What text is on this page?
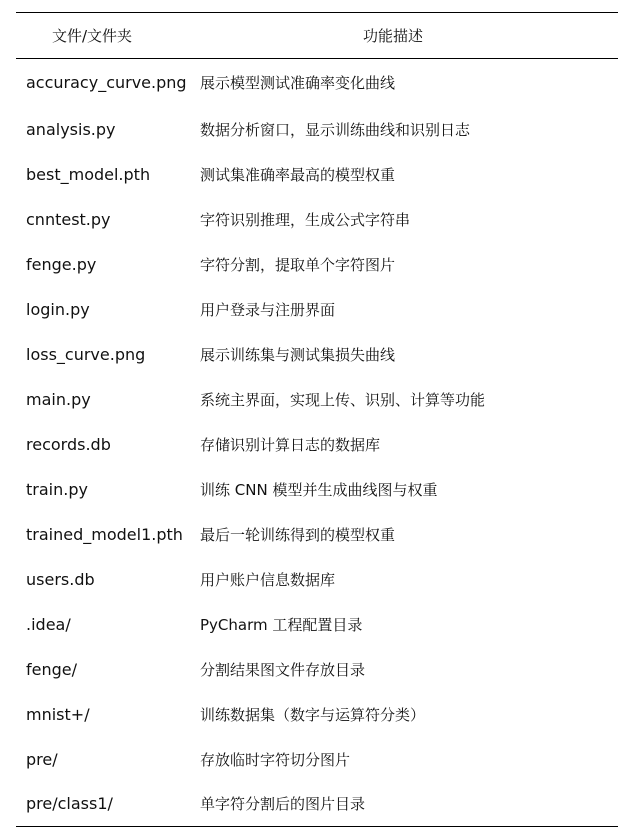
文件/文件夹	功能描述
accuracy_curve.png	展示模型测试准确率变化曲线
analysis.py	数据分析窗口，显示训练曲线和识别日志
best_model.pth	测试集准确率最高的模型权重
cnntest.py	字符识别推理，生成公式字符串
fenge.py	字符分割，提取单个字符图片
login.py	用户登录与注册界面
loss_curve.png	展示训练集与测试集损失曲线
main.py	系统主界面，实现上传、识别、计算等功能
records.db	存储识别计算日志的数据库
train.py	训练 CNN 模型并生成曲线图与权重
trained_model1.pth	最后一轮训练得到的模型权重
users.db	用户账户信息数据库
.idea/	PyCharm 工程配置目录
fenge/	分割结果图文件存放目录
mnist+/	训练数据集（数字与运算符分类）
pre/	存放临时字符切分图片
pre/class1/	单字符分割后的图片目录
